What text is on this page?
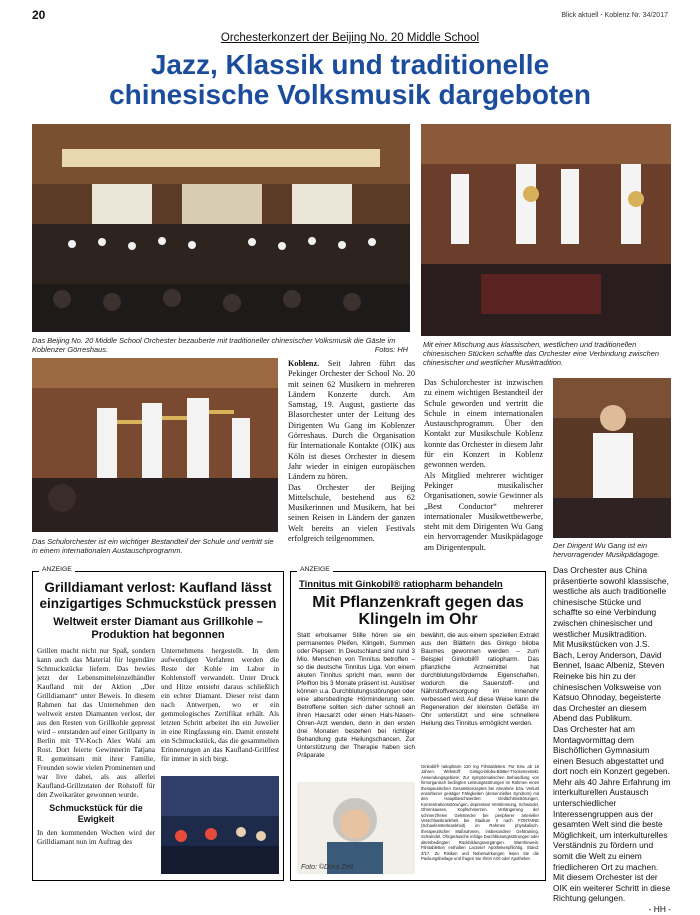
20	Blick aktuell - Koblenz Nr. 34/2017
Orchesterkonzert der Beijing No. 20 Middle School
Jazz, Klassik und traditionelle
chinesische Volksmusik dargeboten
Das Beijing No. 20 Middle School Orchester bezauberte mit traditioneller chinesischer Volksmusik die Gäste im Koblenzer Görreshaus.	Fotos: HH
Mit einer Mischung aus klassischen, westlichen und traditionellen chinesischen Stücken schaffte das Orchester eine Verbindung zwischen chinesischer und westlicher Musiktradition.
Das Schulorchester ist ein wichtiger Bestandteil der Schule und vertritt sie in einem internationalen Austauschprogramm.

Koblenz. Seit Jahren führt das Pekinger Orchester der School No. 20 mit seinen 62 Musikern in mehreren Ländern Konzerte durch. Am Samstag, 19. August, gastierte das Blasorchester unter der Leitung des Dirigenten Wu Gang im Koblenzer Görreshaus. Durch die Organisation für Internationale Kontakte (OIK) aus Köln ist dieses Orchester in diesem Jahr wieder in einigen europäischen Ländern zu hören.

Das Orchester der Beijing Mittelschule, bestehend aus 62 Musikerinnen und Musikern, hat bei seinen Reisen in Ländern der ganzen Welt bereits an vielen Festivals erfolgreich teilgenommen.

Das Schulorchester ist inzwischen zu einem wichtigen Bestandteil der Schule geworden und vertritt die Schule in einem internationalen Austauschprogramm. Über den Kontakt zur Musikschule Koblenz konnte das Orchester in diesem Jahr für ein Konzert in Koblenz gewonnen werden.

Als Mitglied mehrerer wichtiger Pekinger musikalischer Organisationen, sowie Gewinner als „Best Conductor“ mehrerer internationaler Musikwettbewerbe, steht mit dem Dirigenten Wu Gang ein hervorragender Musikpädagoge am Dirigentenpult.	Der Dirigent Wu Gang ist ein hervorragender Musikpädagoge.

Das Orchester aus China präsentierte sowohl klassische, westliche als auch traditionelle chinesische Stücke und schaffte so eine Verbindung zwischen chinesischer und westlicher Musiktradition.

Mit Musikstücken von J.S. Bach, Leroy Anderson, David Bennet, Isaac Albeniz, Steven Reineke bis hin zu der chinesischen Volksweise von Katsuo Ohnoday, begeisterte das Orchester an diesem Abend das Publikum.

Das Orchester hat am Montagvormittag dem Bischöflichen Gymnasium einen Besuch abgestattet und dort noch ein Konzert gegeben.

Mehr als 40 Jahre Erfahrung im interkulturellen Austausch unterschiedlicher Interessengruppen aus der gesamten Welt sind die beste Möglichkeit, um interkulturelles Verständnis zu fördern und somit die Welt zu einem friedlicheren Ort zu machen.

Mit diesem Orchester ist der OIK ein weiterer Schritt in diese Richtung gelungen.

- HH -

ANZEIGE
Grilldiamant verlost: Kaufland lässt einzigartiges Schmuckstück pressen
Weltweit erster Diamant aus Grillkohle – Produktion hat begonnen
Grillen macht nicht nur Spaß, sondern kann auch das Material für legendäre Schmuckstücke liefern. Das bewies jetzt der Lebensmitteleinzelhändler Kaufland mit der Aktion „Der Grilldiamant“ unter Beweis. In diesem Rahmen hat das Unternehmen den weltweit ersten Diamanten verlost, der aus den Resten von Grillkohle gepresst wird – entstanden auf einer Grillparty in Berlin mit TV-Koch Alex Wahi am Rost. Dort feierte Gewinnerin Tatjana R. gemeinsam mit ihrer Familie, Freunden sowie vielen Prominenten und war live dabei, als aus allerlei Kaufland-Grillzutaten der Rohstoff für den Zweikaräter gewonnen wurde.
Schmuckstück für die Ewigkeit
In den kommenden Wochen wird der Grilldiamant nun im Auftrag des
Unternehmens hergestellt. In dem aufwendigen Verfahren werden die Reste der Kohle im Labor in Kohlenstoff verwandelt. Unter Druck und Hitze entsteht daraus schließlich ein echter Diamant. Dieser reist dann nach Antwerpen, wo er ein gemmologisches Zertifikat erhält. Als letzten Schritt arbeitet ihn ein Juwelier in eine Ringfassung ein. Damit entsteht ein Schmuckstück, das die gesammelten Erinnerungen an das Kaufland-Grillfest für immer in sich birgt.
ANZEIGE
Tinnitus mit Ginkobil® ratiopharm behandeln
Mit Pflanzenkraft gegen das Klingeln im Ohr
Statt erholsamer Stille hören sie ein permanentes Pfeifen, Klingeln, Summen oder Piepsen: In Deutschland sind rund 3 Mio. Menschen von Tinnitus betroffen – so die deutsche Tinnitus Liga. Von einem akuten Tinnitus spricht man, wenn der Pfeifton bis 3 Monate präsent ist. Auslöser können u.a. Durchblutungsstörungen oder eine altersbedingte Hörminderung sein. Betroffene sollten sich daher schnell an ihren Hausarzt oder einen Hals-Nasen-Ohren-Arzt wenden, denn in den ersten drei Monaten bestehen bei richtiger Behandlung gute Heilungschancen. Zur Unterstützung der Therapie haben sich Präparate
bewährt, die aus einem speziellen Extrakt aus den Blättern des Ginkgo biloba Baumes gewonnen werden – zum Beispiel Ginkobil® ratiopharm. Das pflanzliche Arzneimittel hat durchblutungsfördernde Eigenschaften, wodurch die Sauerstoff- und Nährstoffversorgung im Innenohr verbessert wird. Auf diese Weise kann die Regeneration der kleinsten Gefäße im Ohr unterstützt und eine schnellere Heilung des Tinnitus ermöglicht werden.
Foto: ©Dora Zett
Ginkobil® ratiopharm 120 mg Filmtabletten. Für Erw. ab 18 Jahren. Wirkstoff: Ginkgo-biloba-Blätter-Trockenextrakt. Anwendungsgebiete: Zur symptomatischen Behandlung von hirnorganisch bedingten Leistungsstörungen im Rahmen eines therapeutischen Gesamtkonzeptes bei Abnahme bzw. Verlust erworbener geistiger Fähigkeiten (demenzielles Syndrom) mit den Hauptbeschwerden: Gedächtnisstörungen, Konzentrationsstörungen, depressive Verstimmung, Schwindel, Ohrensausen, Kopfschmerzen. Verlängerung der schmerzfreien Gehstrecke bei peripherer arterieller Verschlusskrankheit bei Stadium II nach FONTAINE (Schaufensterkrankheit) im Rahmen physikalisch-therapeutischer Maßnahmen, insbesondere Gehtraining. Schwindel, Ohrgeräusche infolge Durchblutungsstörungen oder altersbedingten Rückbildungsvorgängen. Warnhinweis: Filmtabletten enthalten Lactose! Apothekenpflichtig. Stand: 3/17. Zu Risiken und Nebenwirkungen lesen Sie die Packungsbeilage und fragen Sie Ihren Arzt oder Apotheker.
